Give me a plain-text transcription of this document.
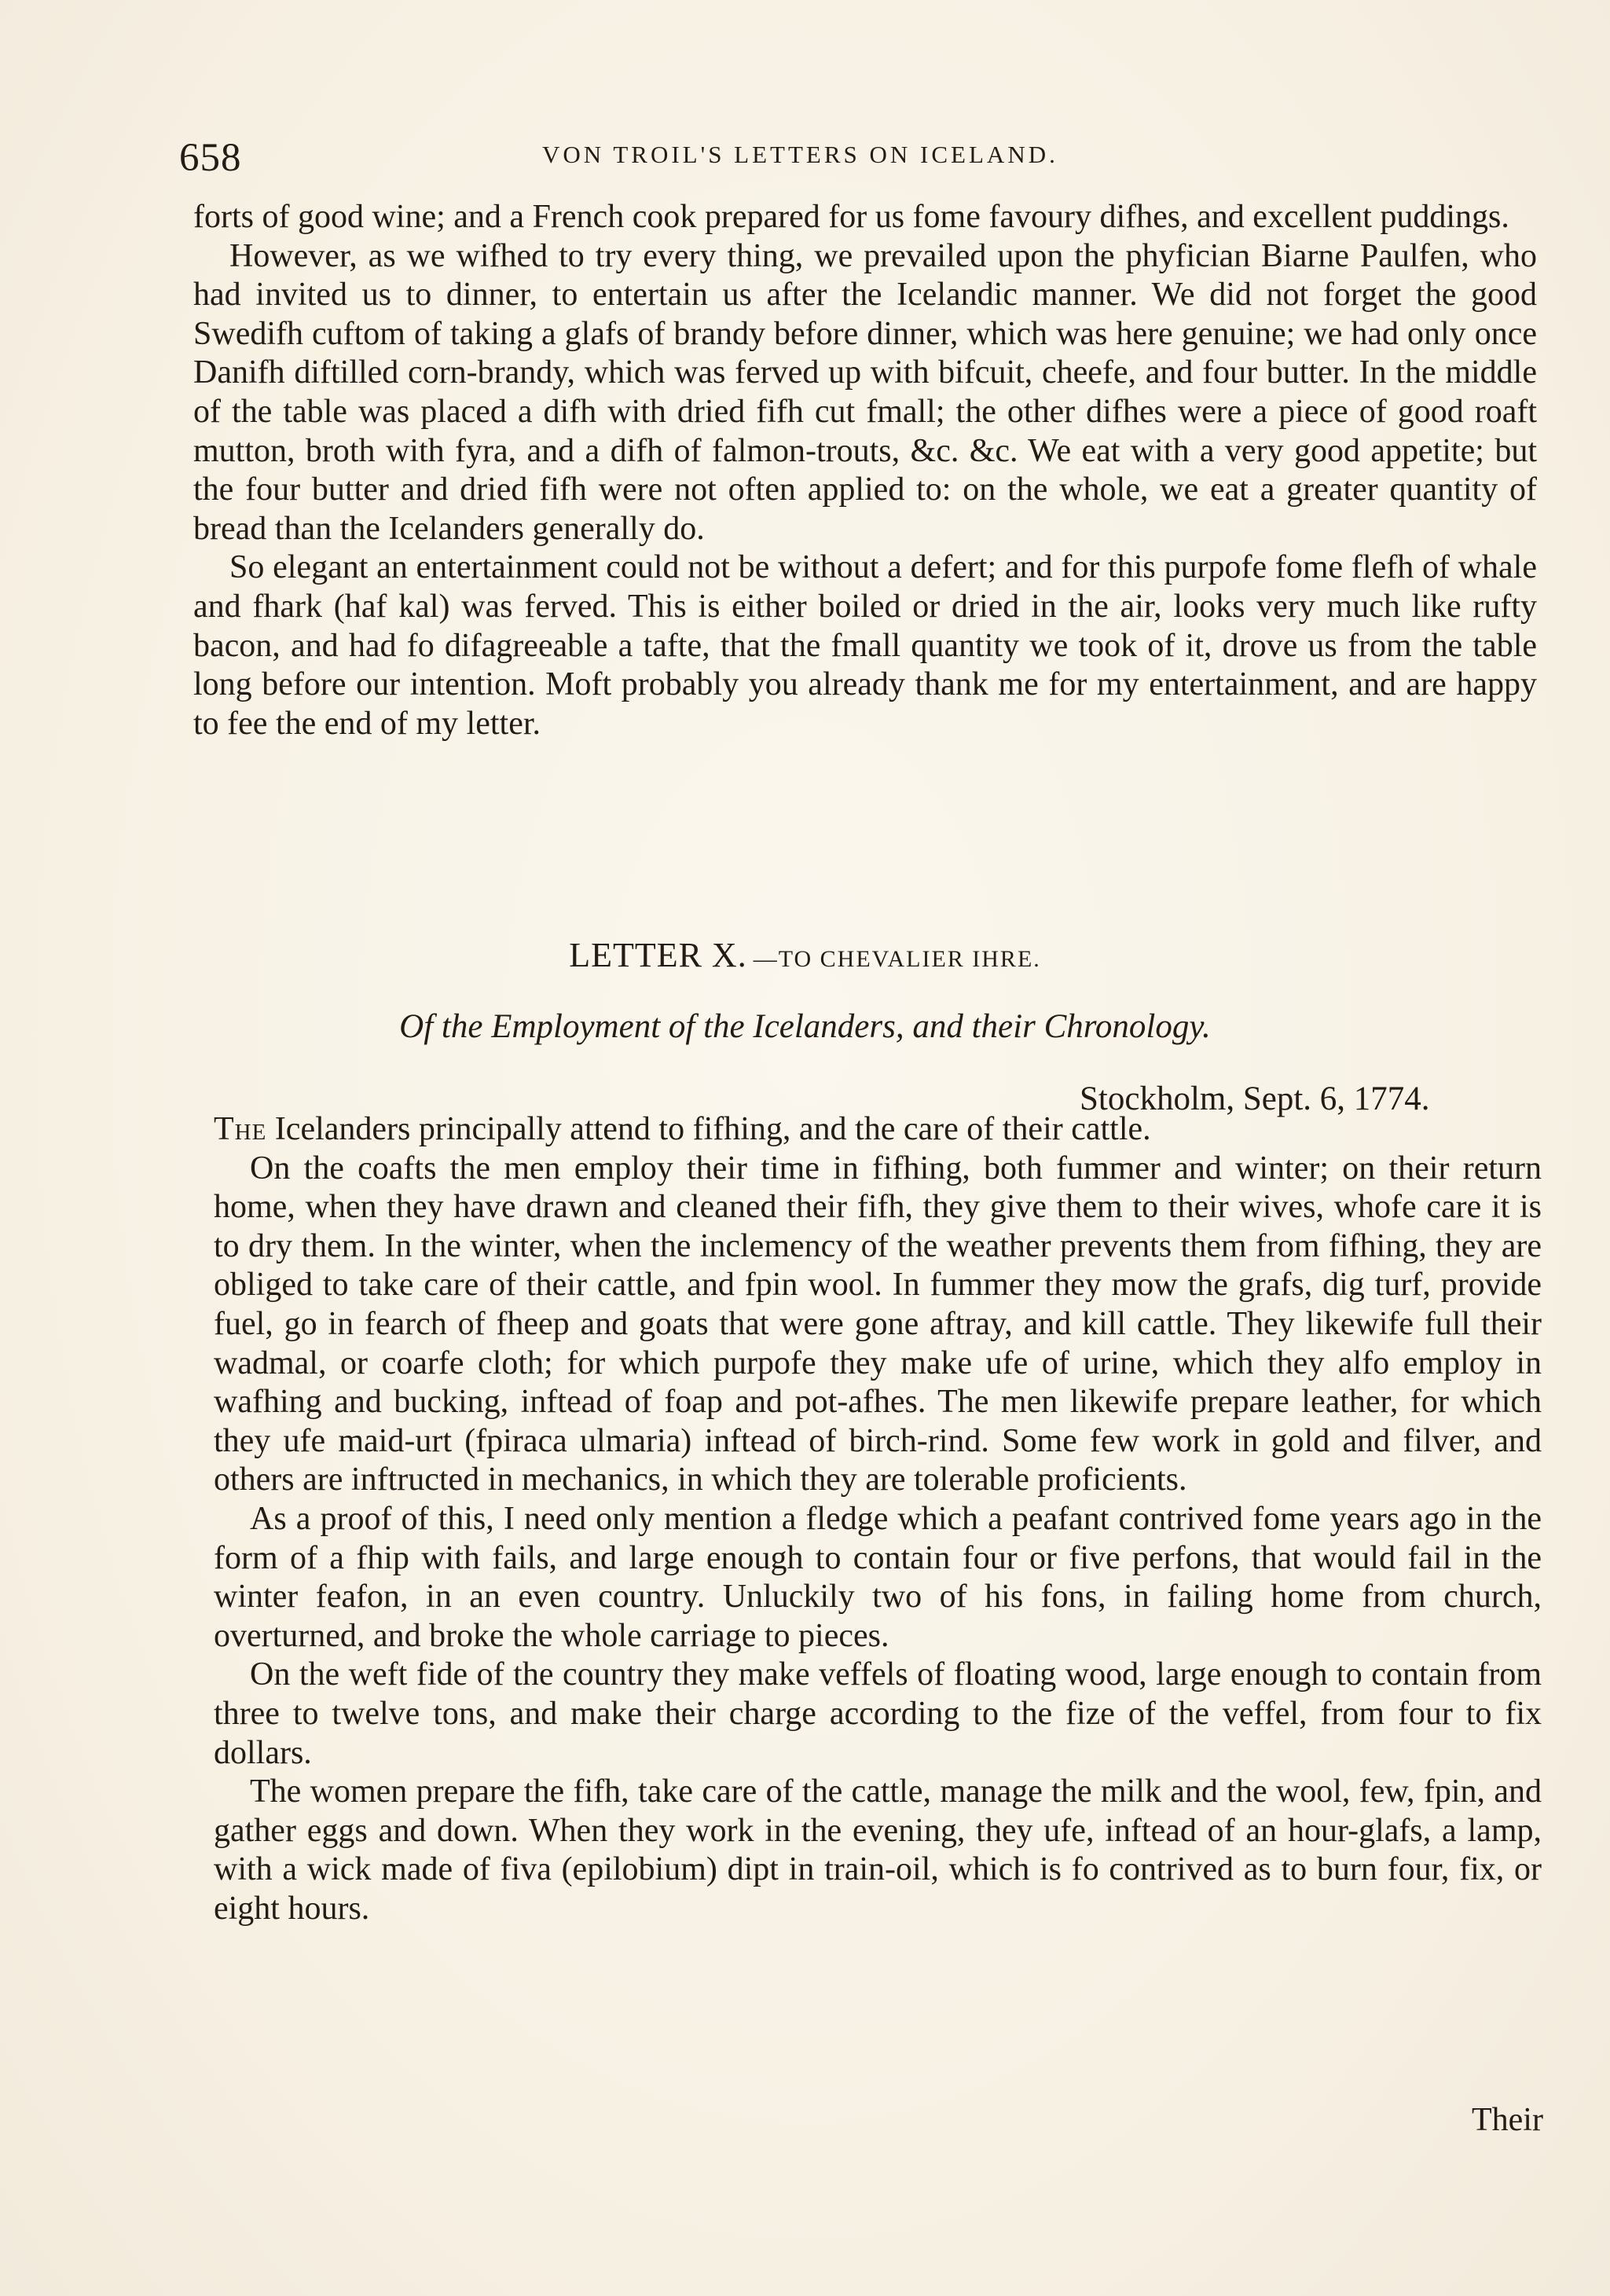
658	VON TROIL'S LETTERS ON ICELAND.

forts of good wine; and a French cook prepared for us fome favoury difhes, and excellent puddings.

However, as we wifhed to try every thing, we prevailed upon the phyfician Biarne Paulfen, who had invited us to dinner, to entertain us after the Icelandic manner. We did not forget the good Swedifh cuftom of taking a glafs of brandy before dinner, which was here genuine; we had only once Danifh diftilled corn-brandy, which was ferved up with bifcuit, cheefe, and four butter. In the middle of the table was placed a difh with dried fifh cut fmall; the other difhes were a piece of good roaft mutton, broth with fyra, and a difh of falmon-trouts, &c. &c. We eat with a very good appetite; but the four butter and dried fifh were not often applied to: on the whole, we eat a greater quantity of bread than the Icelanders generally do.

So elegant an entertainment could not be without a defert; and for this purpofe fome flefh of whale and fhark (haf kal) was ferved. This is either boiled or dried in the air, looks very much like rufty bacon, and had fo difagreeable a tafte, that the fmall quantity we took of it, drove us from the table long before our intention. Moft probably you already thank me for my entertainment, and are happy to fee the end of my letter.

LETTER X. —TO CHEVALIER IHRE.
Of the Employment of the Icelanders, and their Chronology.
Stockholm, Sept. 6, 1774.

The Icelanders principally attend to fifhing, and the care of their cattle.

On the coafts the men employ their time in fifhing, both fummer and winter; on their return home, when they have drawn and cleaned their fifh, they give them to their wives, whofe care it is to dry them. In the winter, when the inclemency of the weather prevents them from fifhing, they are obliged to take care of their cattle, and fpin wool. In fummer they mow the grafs, dig turf, provide fuel, go in fearch of fheep and goats that were gone aftray, and kill cattle. They likewife full their wadmal, or coarfe cloth; for which purpofe they make ufe of urine, which they alfo employ in wafhing and bucking, inftead of foap and pot-afhes. The men likewife prepare leather, for which they ufe maid-urt (fpiraca ulmaria) inftead of birch-rind. Some few work in gold and filver, and others are inftructed in mechanics, in which they are tolerable proficients.

As a proof of this, I need only mention a fledge which a peafant contrived fome years ago in the form of a fhip with fails, and large enough to contain four or five perfons, that would fail in the winter feafon, in an even country. Unluckily two of his fons, in failing home from church, overturned, and broke the whole carriage to pieces.

On the weft fide of the country they make veffels of floating wood, large enough to contain from three to twelve tons, and make their charge according to the fize of the veffel, from four to fix dollars.

The women prepare the fifh, take care of the cattle, manage the milk and the wool, few, fpin, and gather eggs and down. When they work in the evening, they ufe, inftead of an hour-glafs, a lamp, with a wick made of fiva (epilobium) dipt in train-oil, which is fo contrived as to burn four, fix, or eight hours.

Their
